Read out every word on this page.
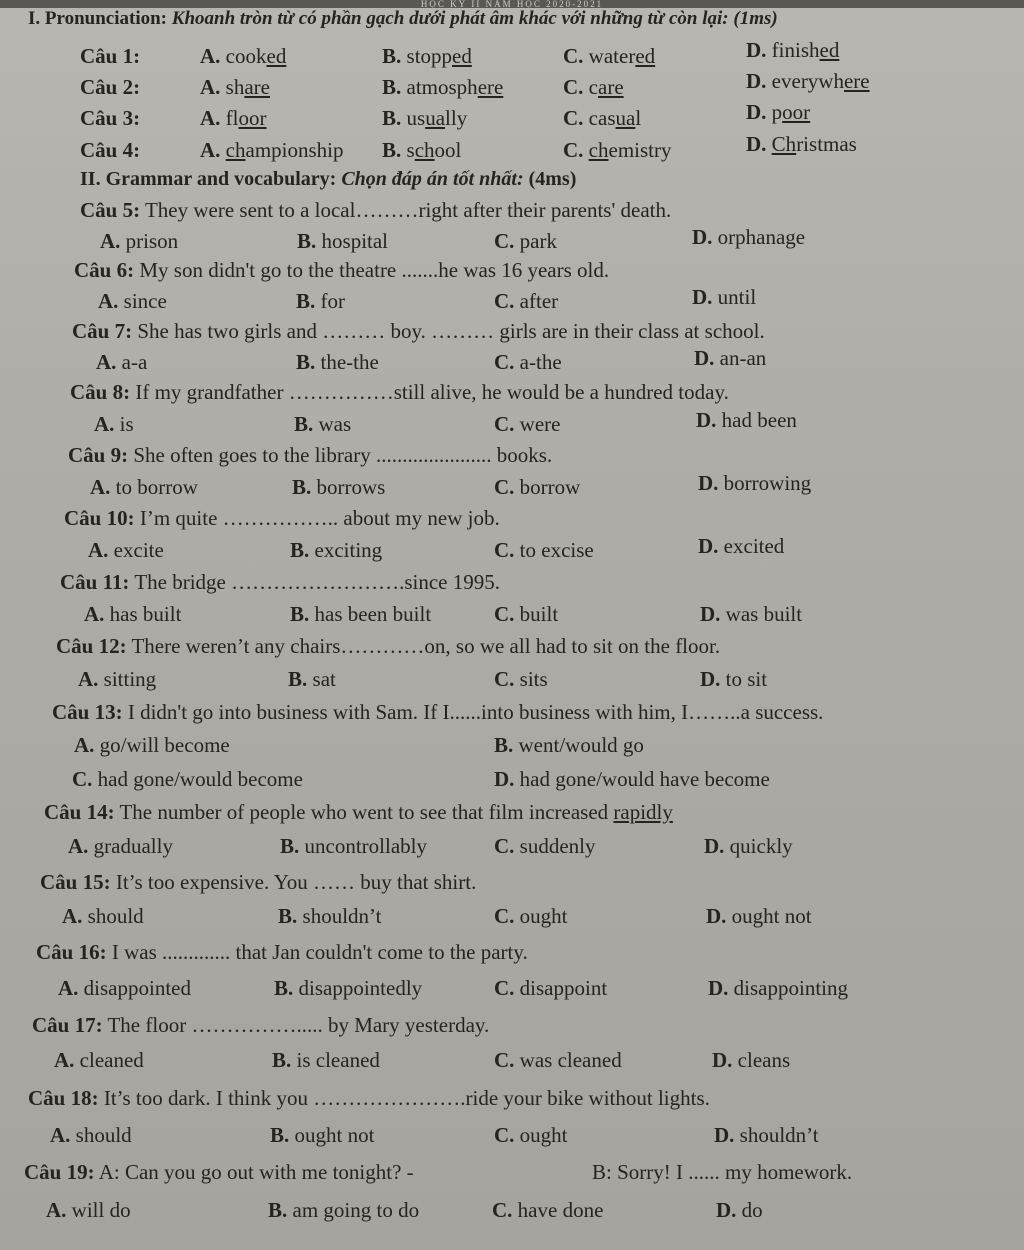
HỌC KỲ II NĂM HỌC 2020-2021
I. Pronunciation: Khoanh tròn từ có phần gạch dưới phát âm khác với những từ còn lại: (1ms)
Câu 1:	A. cooked	B. stopped	C. watered	D. finished
Câu 2:	A. share	B. atmosphere	C. care	D. everywhere
Câu 3:	A. floor	B. usually	C. casual	D. poor
Câu 4:	A. championship B. school	C. chemistry	D. Christmas
II. Grammar and vocabulary: Chọn đáp án tốt nhất: (4ms)
Câu 5: They were sent to a local………right after their parents' death.
A. prison	B. hospital	C. park	D. orphanage
Câu 6: My son didn't go to the theatre .......he was 16 years old.
A. since	B. for	C. after	D. until
Câu 7: She has two girls and ……… boy. ……… girls are in their class at school.
A. a-a	B. the-the	C. a-the	D. an-an
Câu 8: If my grandfather ……………still alive, he would be a hundred today.
A. is	B. was	C. were	D. had been
Câu 9: She often goes to the library ...................... books.
A. to borrow	B. borrows	C. borrow	D. borrowing
Câu 10: I’m quite …………….. about my new job.
A. excite	B. exciting	C. to excise	D. excited
Câu 11: The bridge …………………….since 1995.
A. has built	B. has been built	C. built	D. was built
Câu 12: There weren’t any chairs…………on, so we all had to sit on the floor.
A. sitting	B. sat	C. sits	D. to sit
Câu 13: I didn't go into business with Sam. If I......into business with him, I……..a success.
A. go/will become	B. went/would go
C. had gone/would become	D. had gone/would have become
Câu 14: The number of people who went to see that film increased rapidly
A. gradually	B. uncontrollably	C. suddenly	D. quickly
Câu 15: It’s too expensive. You …… buy that shirt.
A. should	B. shouldn’t	C. ought	D. ought not
Câu 16: I was ............. that Jan couldn't come to the party.
A. disappointed	B. disappointedly	C. disappoint	D. disappointing
Câu 17: The floor ……………..... by Mary yesterday.
A. cleaned	B. is cleaned	C. was cleaned	D. cleans
Câu 18: It’s too dark. I think you ………………….ride your bike without lights.
A. should	B. ought not	C. ought	D. shouldn’t
Câu 19: A: Can you go out with me tonight? -	B: Sorry! I ...... my homework.
A. will do	B. am going to do	C. have done	D. do
